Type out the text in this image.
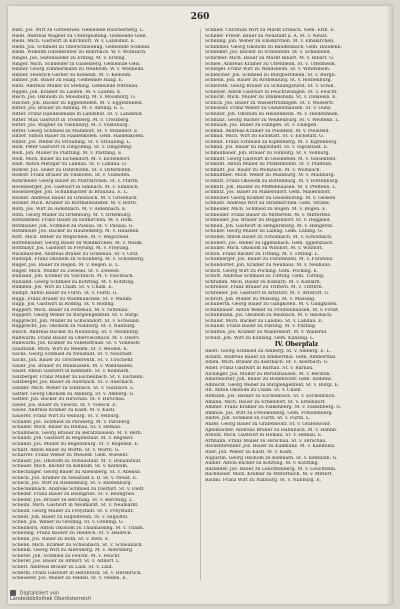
260
Ristl. Jos. Wirt zu Gottenried. Gemeinde Ruscherberg. L.
Rießl. Andreas Wagner zu Untergeißling. Gemeinde Geiß.
Rießl. Mich. Gastwirt in Kirchdorf. W. v. Landshut. E.
Rießl. Jos. Schmied zu Oberschneiding. Gemeinde Schneid.
Rießl. Wilhelm Gutsbesitzer zu Rohrbach. W. v. Wolnzach.
Ringel. Jos. Seifensieder zu Erding. M. v. Erding.
Ringer. Mich. Schneider in Gaiselberg. Gemeinde Geis.
Rinner. Georg Zimmermann zu Weilheim. W. v. Weilheim.
Rinner. Heinrich Gerber zu Kelheim. M. v. Kelheim.
Rinner. Joh. Bauer zu Haag. Gemeinde Haag. E.
Rintl. Andreas Müller zu Stefling. Gemeinde Nittenau.
Rippel. Joh. Krämer zu Laufen. M. v. Laufen. E.
Risch. Jos. Ökonom zu Moosburg. M. v. Moosburg. G.
Rischer. Joh. Bäcker zu Eggenfelden. M. v. Eggenfelden.
Ritter. Jos. Brauer zu Aibling. M. v. Aibling. E. L.
Ritter. Franz Handelsmann in Landshut. St. v. Landshut.
Ritter. Max Gastwirt in Trostberg. M. v. Trostberg.
Ritter. Jos. Wagner zu Vilsbiburg. M. v. Vilsbiburg.
Ritter. Georg Schmied zu Mühldorf. St. v. Mühldorf. E.
Ritzer. Simon Bauer zu Haidenkofen. Gem. Haidenkofen.
Ritzer. Jos. Weber zu Straubing. St. v. Straubing. L.
Rödl. Peter Gastwirt in Dingolfing. St. v. Dingolfing.
Rödl. Joh. Müller zu Plattling. M. v. Plattling. E.
Rödl. Mich. Bauer zu Eichendorf. M. v. Eichendorf.
Rödl. Anton Metzger zu Landau. St. v. Landau. G.
Rohrer. Jos. Seiler zu Osterhofen. St. v. Osterhofen.
Rohrer. Franz Brauer zu Vilshofen. St. v. Vilshofen.
Rohrmeier. Georg Bauer zu Pfarrkirchen. St. v. Pfarrk.
Rosenberger. Jos. Gastwirt in Simbach. M. v. Simbach.
Rosenberger. Joh. Schuhmacher in Braunau. E. L.
Rosner. Andreas Bauer zu Griesbach. M. v. Griesbach.
Rosner. Mich. Krämer zu Rotthalmünster. M. v. Rotth.
Roth. Jos. Wirt zu Aidenbach. M. v. Aidenbach. E.
Roth. Georg Müller zu Ortenburg. M. v. Ortenburg.
Rothammer. Franz Bauer zu Hofkirchen. M. v. Hofk.
Rothbauer. Joh. Schmied zu Passau. St. v. Passau. G.
Rothmeier. Jos. Bäcker zu Hauzenberg. M. v. Hauzenb.
Rott. Mich. Weber zu Wegscheid. M. v. Wegscheid.
Rottenkolber. Georg Bauer zu Waldkirchen. M. v. Waldk.
Rottmayr. Jos. Gastwirt in Freyung. M. v. Freyung.
Ruckdäschel. Andreas Brauer zu Grafenau. St. v. Graf.
Rudolph. Franz Ökonom zu Schönberg. M. v. Schönberg.
Rüger. Jos. Bauer zu Regen. M. v. Regen. E. L.
Rüger. Mich. Müller zu Zwiesel. St. v. Zwiesel.
Ruhland. Joh. Krämer zu Viechtach. M. v. Viechtach.
Ruhland. Georg Schmied zu Kötzting. M. v. Kötzting.
Rummel. Jos. Wirt zu Cham. St. v. Cham. E.
Rumpf. Anton Bauer zu Furth. St. v. Furth. G.
Rupp. Franz Brauer zu Waldmünchen. St. v. Waldm.
Rupp. Jos. Gastwirt in Roding. St. v. Roding.
Ruppert. Mich. Bauer zu Nittenau. M. v. Nittenau.
Ruppert. Georg Weber zu Burglengenfeld. St. v. Burgl.
Rupprecht. Joh. Müller zu Schwandorf. St. v. Schwand.
Rupprecht. Jos. Ökonom zu Nabburg. St. v. Nabburg.
Rusch. Andreas Bäcker zu Neunburg. St. v. Neunburg.
Rußwurm. Franz Bauer zu Oberviechtach. M. v. Oberv.
Rußwurm. Jos. Krämer zu Vohenstrauß. St. v. Vohenstr.
Saalfrank. Mich. Wirt zu Weiden. St. v. Weiden. E.
Sachs. Georg Schmied zu Neustadt. St. v. Neustadt.
Sachs. Joh. Bauer zu Tirschenreuth. St. v. Tirschenr.
Sailer. Jos. Brauer zu Waldsassen. M. v. Waldsassen.
Sailer. Anton Gastwirt in Kemnath. St. v. Kemnath.
Salzberger. Franz Müller zu Eschenbach. St. v. Eschenb.
Salzberger. Jos. Bauer zu Auerbach. St. v. Auerbach.
Sander. Mich. Weber zu Sulzbach. St. v. Sulzbach. L.
Sattler. Georg Ökonom zu Amberg. St. v. Amberg. G.
Sattler. Joh. Bäcker zu Hirschau. St. v. Hirschau.
Sauer. Jos. Bauer zu Vilseck. St. v. Vilseck. E.
Sauer. Andreas Krämer zu Kastl. M. v. Kastl.
Sauerer. Franz Wirt zu Velburg. St. v. Velburg.
Schaller. Jos. Schmied zu Parsberg. M. v. Parsberg.
Schaller. Mich. Bauer zu Hemau. St. v. Hemau.
Schambeck. Georg Brauer zu Beratzhausen. M. v. Berh.
Schandl. Joh. Gastwirt in Regenstauf. M. v. Regenst.
Schandl. Jos. Müller zu Regensburg. St. v. Regensb. E.
Scharf. Anton Bauer zu Wörth. St. v. Wörth. G.
Scharrer. Franz Weber zu Wiesent. Gem. Wiesent.
Schauer. Jos. Ökonom zu Donaustauf. M. v. Donaustauf.
Schauer. Mich. Bäcker zu Kelheim. St. v. Kelheim.
Schechinger. Georg Bauer zu Abensberg. St. v. Abensb.
Scheck. Joh. Krämer zu Neustadt a. D. St. v. Neust. E.
Scheck. Jos. Wirt zu Riedenburg. St. v. Riedenburg.
Scheckenbach. Andreas Schmied zu Dietfurt. St. v. Dietf.
Scheder. Franz Bauer zu Beilngries. St. v. Beilngries.
Scheder. Jos. Brauer zu Berching. St. v. Berching. L.
Scheibl. Mich. Gastwirt in Neumarkt. St. v. Neumarkt.
Scheidl. Georg Müller zu Freystadt. St. v. Freystadt.
Scheitl. Joh. Bauer zu Hilpoltstein. St. v. Hilpoltst.
Schell. Jos. Weber zu Greding. St. v. Greding. G.
Schellhorn. Anton Ökonom zu Thalmässing. M. v. Thalm.
Schelling. Franz Bäcker zu Heideck. St. v. Heideck.
Schenk. Jos. Bauer zu Roth. St. v. Roth. E.
Schenk. Mich. Krämer zu Schwabach. St. v. Schwabach.
Schenkl. Georg Wirt zu Allersberg. M. v. Allersberg.
Scherer. Joh. Schmied zu Feucht. M. v. Feucht.
Scherer. Jos. Bauer zu Altdorf. St. v. Altdorf. L.
Scherl. Andreas Brauer zu Lauf. St. v. Lauf.
Scherm. Franz Gastwirt in Hersbruck. St. v. Hersbruck.
Scheuerer. Jos. Müller zu Velden. St. v. Velden. E.
Schiller. Christian Wirt zu Markt Erlbach. Gem. Erlb. E.
Schiller. Friedr. Bauer zu Neustadt a. A. St. v. Neust.
Schilling. Joh. Weber zu Emskirchen. M. v. Emskirchen.
Schimmel. Georg Ökonom zu Baudenbach. Gem. Baudenb.
Schindler. Jos. Bäcker zu Scheinfeld. St. v. Scheinfeld.
Schirmer. Mich. Bauer zu Markt Bibart. M. v. Bibart. G.
Schlee. Andreas Krämer zu Uffenheim. St. v. Uffenheim.
Schlegel. Franz Wirt zu Windsheim. St. v. Windsheim.
Schleicher. Jos. Schmied zu Burgbernheim. St. v. Burgb.
Schlenk. Joh. Bauer zu Rothenburg. St. v. Rothenburg.
Schlereth. Georg Brauer zu Schillingsfürst. St. v. Schill.
Schleyer. Anton Gastwirt in Feuchtwangen. St. v. Feucht.
Schlicht. Mich. Müller zu Dinkelsbühl. St. v. Dinkelsb. E.
Schlick. Jos. Bauer zu Wassertrüdingen. St. v. Wassertr.
Schlosser. Franz Weber zu Gunzenhausen. St. v. Gunz.
Schlüter. Joh. Ökonom zu Heidenheim. M. v. Heidenheim.
Schmalz. Georg Bäcker zu Weißenburg. St. v. Weißenb. L.
Schmauß. Jos. Bauer zu Ellingen. St. v. Ellingen.
Schmid. Andreas Krämer zu Pleinfeld. M. v. Pleinfeld.
Schmid. Mich. Wirt zu Eichstätt. St. v. Eichstätt. G.
Schmid. Franz Schmied zu Kipfenberg. M. v. Kipfenberg.
Schmid. Jos. Bauer zu Ingolstadt. St. v. Ingolstadt. E.
Schmidbauer. Joh. Brauer zu Vohburg. St. v. Vohburg.
Schmidt. Georg Gastwirt in Geisenfeld. M. v. Geisenfeld.
Schmidt. Anton Müller zu Pfaffenhofen. St. v. Pfaffenh.
Schmidt. Jos. Bauer zu Wolnzach. M. v. Wolnzach.
Schmidtner. Mich. Weber zu Mainburg. M. v. Mainburg.
Schmitt. Franz Ökonom zu Rottenburg. M. v. Rottenburg.
Schmitt. Joh. Bäcker zu Pfeffenhausen. M. v. Pfeffenh. L.
Schmitz. Jos. Bauer zu Mallersdorf. Gem. Mallersdorf.
Schmöller. Georg Krämer zu Geiselhöring. M. v. Geiselh.
Schnabl. Andreas Wirt zu Straßkirchen. Gem. Straßk.
Schneider. Mich. Schmied zu Bogen. M. v. Bogen. E.
Schneider. Franz Bauer zu Mitterfels. M. v. Mitterfels.
Schneider. Jos. Brauer zu Deggendorf. St. v. Deggend.
Schnell. Joh. Gastwirt in Hengersberg. M. v. Hengersb.
Schober. Georg Müller zu Lalling. Gem. Lalling. G.
Schober. Anton Bauer zu Schöllnach. M. v. Schöllnach.
Schöberl. Jos. Weber zu Iggensbach. Gem. Iggensbach.
Schöller. Mich. Ökonom zu Windorf. M. v. Windorf.
Schön. Franz Bäcker zu Tittling. M. v. Tittling. L.
Schönberger. Jos. Bauer zu Fürstenzell. M. v. Fürstenz.
Schöndorfer. Joh. Krämer zu Neuhaus. M. v. Neuhaus.
Schott. Georg Wirt zu Pocking. Gem. Pocking. E.
Schott. Andreas Schmied zu Tutting. Gem. Tutting.
Schramm. Mich. Bauer zu Kößlarn. M. v. Kößlarn.
Schreiber. Franz Brauer zu Triftern. M. v. Triftern.
Schreiner. Jos. Gastwirt in Arnstorf. M. v. Arnstorf. G.
Schrott. Joh. Müller zu Massing. M. v. Massing.
Schuberth. Georg Bauer zu Gangkofen. M. v. Gangkofen.
Schuhbauer. Anton Weber zu Frontenhausen. M. v. Front.
Schuhmann. Jos. Ökonom zu Reisbach. M. v. Reisbach.
Schuler. Mich. Bäcker zu Landau. St. v. Landau. E.
Schuller. Franz Bauer zu Pilsting. M. v. Pilsting.
Schultes. Jos. Krämer zu Wallersdorf. M. v. Wallersd.
Schulz. Joh. Wirt zu Künzing. Gem. Künzing. L.
IV. Oberpfalz
Aberl. Georg Schmied zu Amberg. St. v. Amberg. E. L.
Achatz. Andreas Bauer zu Ammerthal. Gem. Ammerthal.
Adam. Mich. Brauer zu Auerbach. St. v. Auerbach. G.
Adler. Franz Gastwirt in Bärnau. St. v. Bärnau.
Aichinger. Jos. Müller zu Beratzhausen. M. v. Beratzh.
Albersdörfer. Joh. Bauer zu Bodenwöhr. Gem. Bodenw.
Albrecht. Georg Weber zu Burglengenfeld. St. v. Burgl. E.
Alt. Anton Ökonom zu Cham. St. v. Cham.
Altmann. Jos. Bäcker zu Eschenbach. St. v. Eschenbach.
Amann. Mich. Bauer zu Erbendorf. St. v. Erbendorf.
Ammer. Franz Krämer zu Falkenberg. M. v. Falkenberg. G.
Ammon. Jos. Wirt zu Freudenberg. Gem. Freudenberg.
Andre. Joh. Schmied zu Furth. St. v. Furth. L.
Anzer. Georg Bauer zu Grafenwöhr. St. v. Grafenwöhr.
Apfelbacher. Andreas Brauer zu Hahnbach. M. v. Hahnb.
Arnold. Mich. Gastwirt in Hemau. St. v. Hemau. E.
Artmann. Franz Müller zu Hirschau. St. v. Hirschau.
Aschenbrenner. Jos. Bauer zu Kallmünz. M. v. Kallmünz.
Auer. Joh. Weber zu Kastl. M. v. Kastl.
Augustin. Georg Ökonom zu Kemnath. St. v. Kemnath. G.
Aumer. Anton Bäcker zu Kötzting. M. v. Kötzting.
Ausfelder. Jos. Bauer zu Leuchtenberg. M. v. Leuchtenb.
Bachmeier. Mich. Krämer zu Mitterteich. M. v. Mittert.
Bäuml. Franz Wirt zu Nabburg. St. v. Nabburg. E.
Digitalisiert von
Landesbibliothek Oberösterreich
